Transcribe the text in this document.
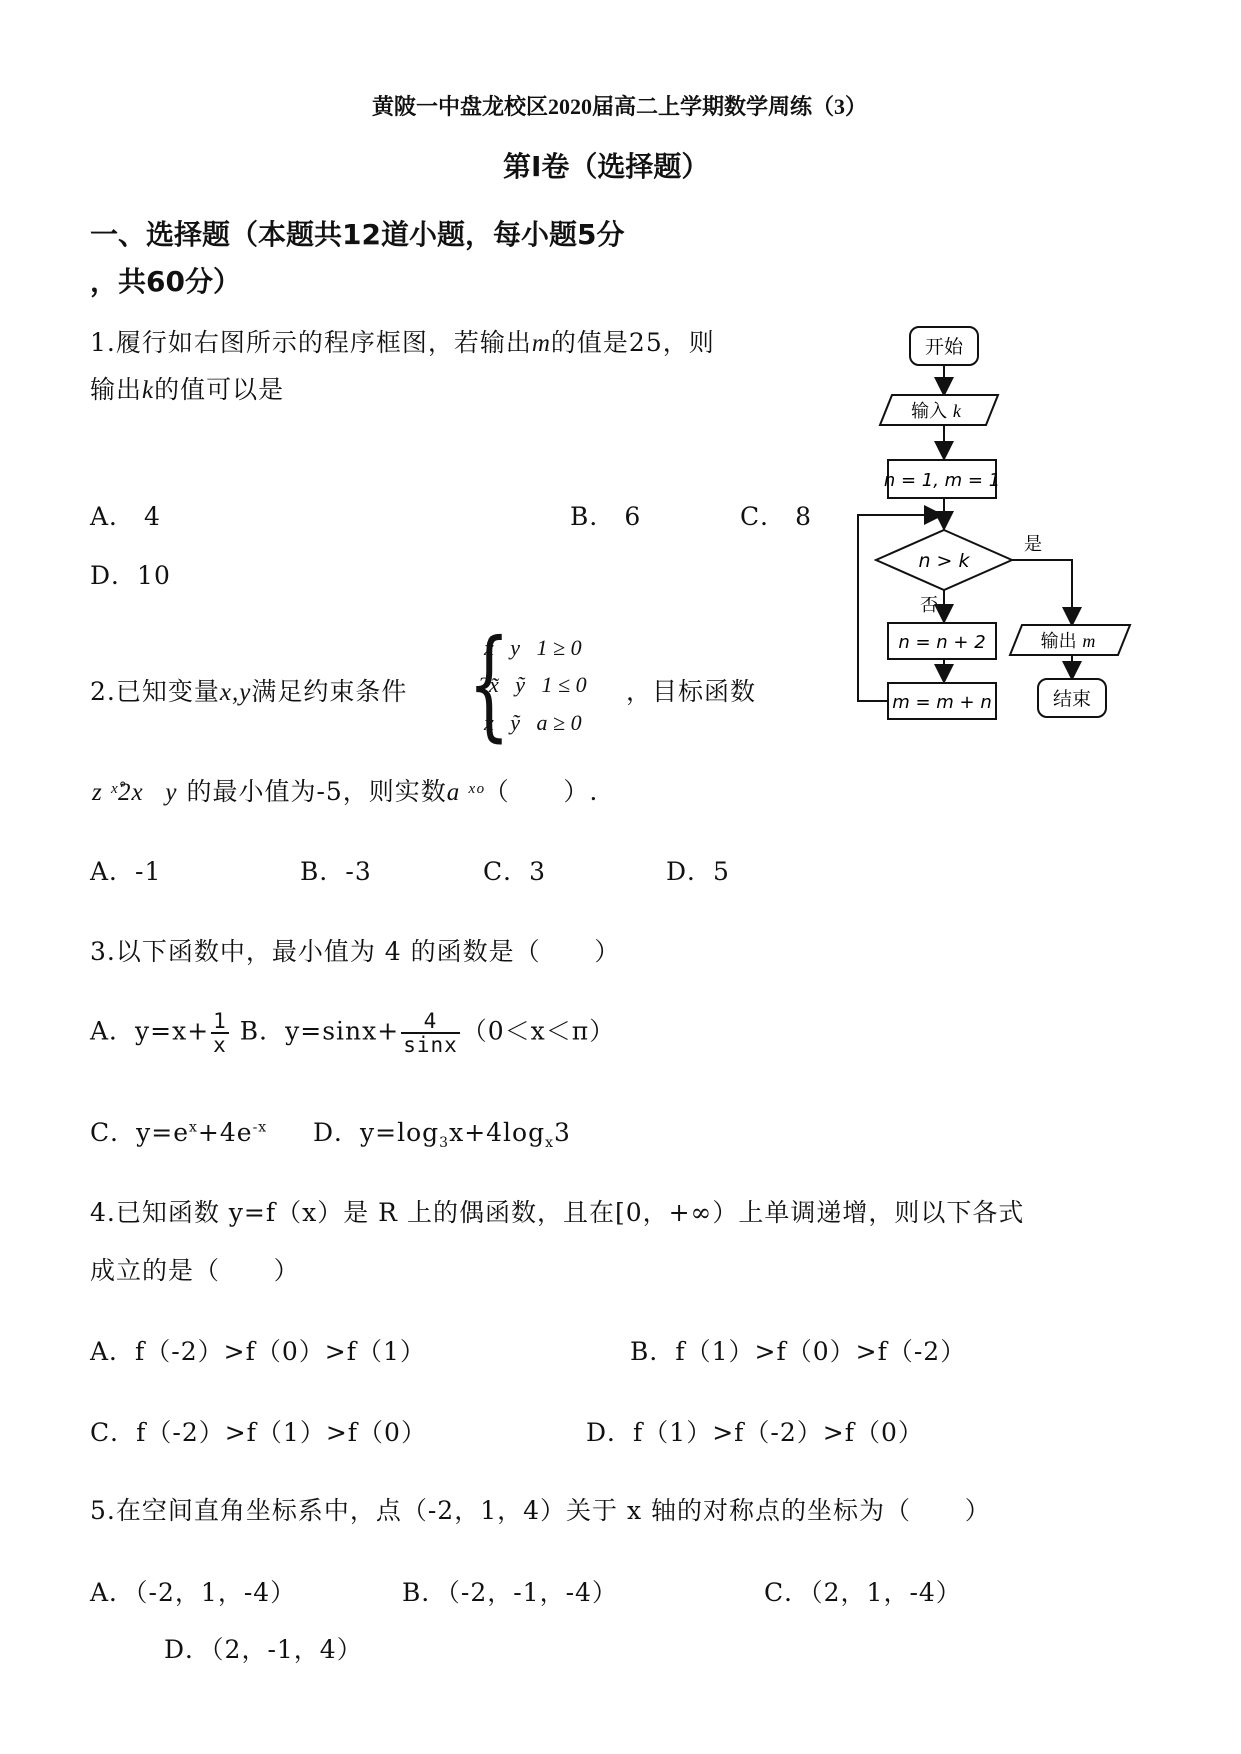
黄陂一中盘龙校区2020届高二上学期数学周练（3）
第Ⅰ卷（选择题）
一、选择题（本题共12道小题，每小题5分
，共60分）
1.履行如右图所示的程序框图，若输出m的值是25，则
输出k的值可以是
A． 4	B． 6	C． 8
D．10
开始
输入 k
n = 1, m = 1
n > k
是
否
n = n + 2
m = m + n
输出 m
结束
2.已知变量x,y满足约束条件 {
x̃   y   1 ≥ 0
2x̃   ỹ   1 ≤ 0
x   ỹ   a ≥ 0
，目标函数
z ˣ̊2x   y 的最小值为-5，则实数a ˣᵒ（      ）.
A．-1	B．-3	C．3	D．5
3.以下函数中，最小值为 4 的函数是（      ）
A．$y=x+ \frac{1}{x}$ B．$y=\sin x+ \frac{4}{\sin x} (0<x<\pi)$
C．$y=e^x+4e^{-x}$ D．$y=\log_3x+4\log_x3$
4.已知函数 y=f（x）是 R 上的偶函数，且在[0，+∞）上单调递增，则以下各式
成立的是（      ）
A．f（-2）>f（0）>f（1）	B．f（1）>f（0）>f（-2）
C．f（-2）>f（1）>f（0）	D．f（1）>f（-2）>f（0）
5.在空间直角坐标系中，点（-2，1，4）关于 x 轴的对称点的坐标为（      ）
A．（-2，1，-4）	B．（-2，-1，-4）	C．（2，1，-4）
D．（2，-1，4）
